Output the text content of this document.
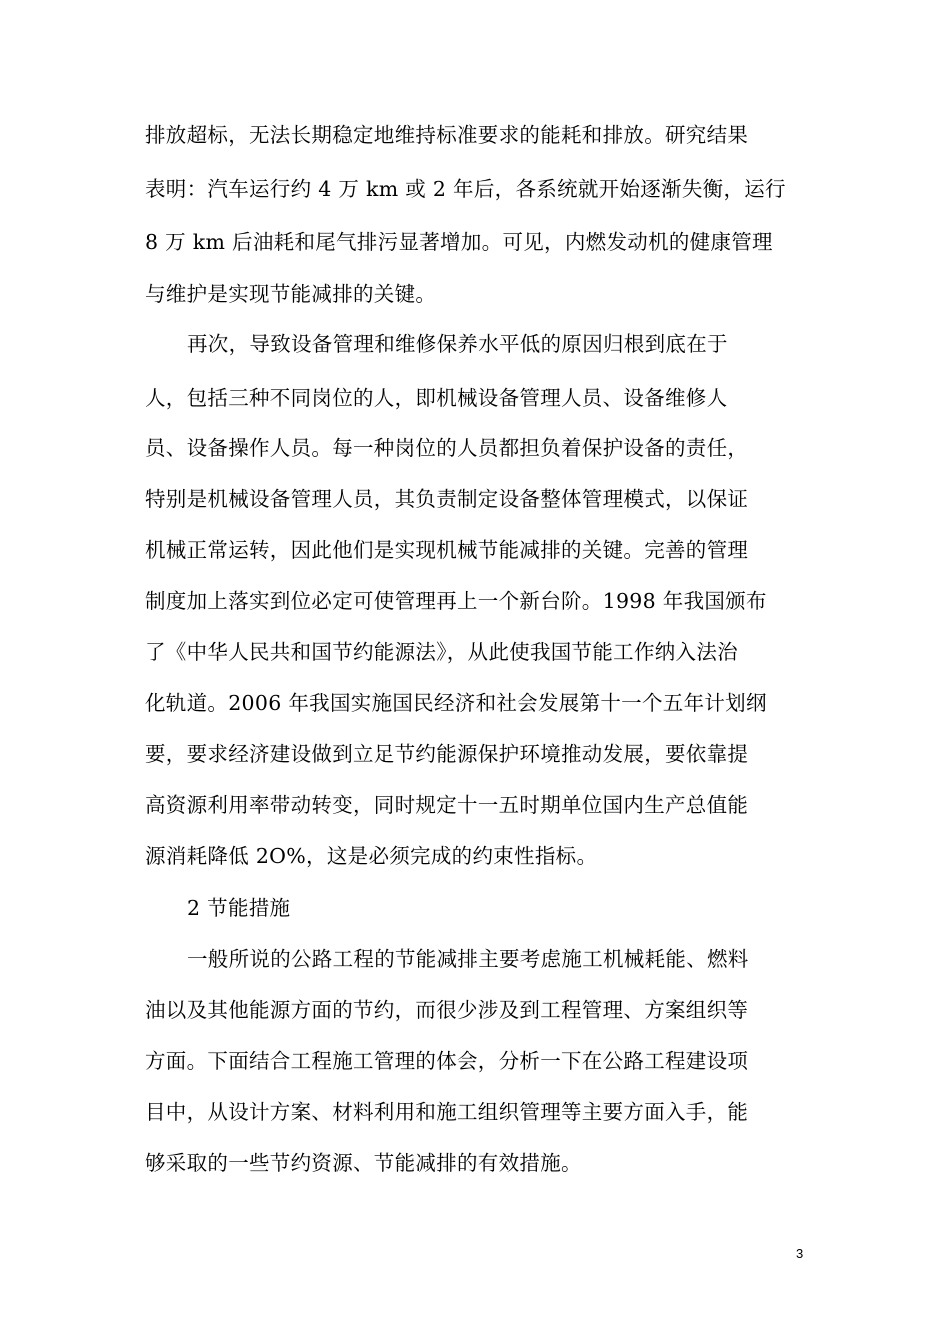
排放超标，无法长期稳定地维持标准要求的能耗和排放。研究结果
表明：汽车运行约 4 万 km 或 2 年后，各系统就开始逐渐失衡，运行
8 万 km 后油耗和尾气排污显著增加。可见，内燃发动机的健康管理
与维护是实现节能减排的关键。
再次，导致设备管理和维修保养水平低的原因归根到底在于
人，包括三种不同岗位的人，即机械设备管理人员、设备维修人
员、设备操作人员。每一种岗位的人员都担负着保护设备的责任，
特别是机械设备管理人员，其负责制定设备整体管理模式，以保证
机械正常运转，因此他们是实现机械节能减排的关键。完善的管理
制度加上落实到位必定可使管理再上一个新台阶。1998 年我国颁布
了《中华人民共和国节约能源法》，从此使我国节能工作纳入法治
化轨道。2006 年我国实施国民经济和社会发展第十一个五年计划纲
要，要求经济建设做到立足节约能源保护环境推动发展，要依靠提
高资源利用率带动转变，同时规定十一五时期单位国内生产总值能
源消耗降低 2O%，这是必须完成的约束性指标。
2 节能措施
一般所说的公路工程的节能减排主要考虑施工机械耗能、燃料
油以及其他能源方面的节约，而很少涉及到工程管理、方案组织等
方面。下面结合工程施工管理的体会，分析一下在公路工程建设项
目中，从设计方案、材料利用和施工组织管理等主要方面入手，能
够采取的一些节约资源、节能减排的有效措施。
3
